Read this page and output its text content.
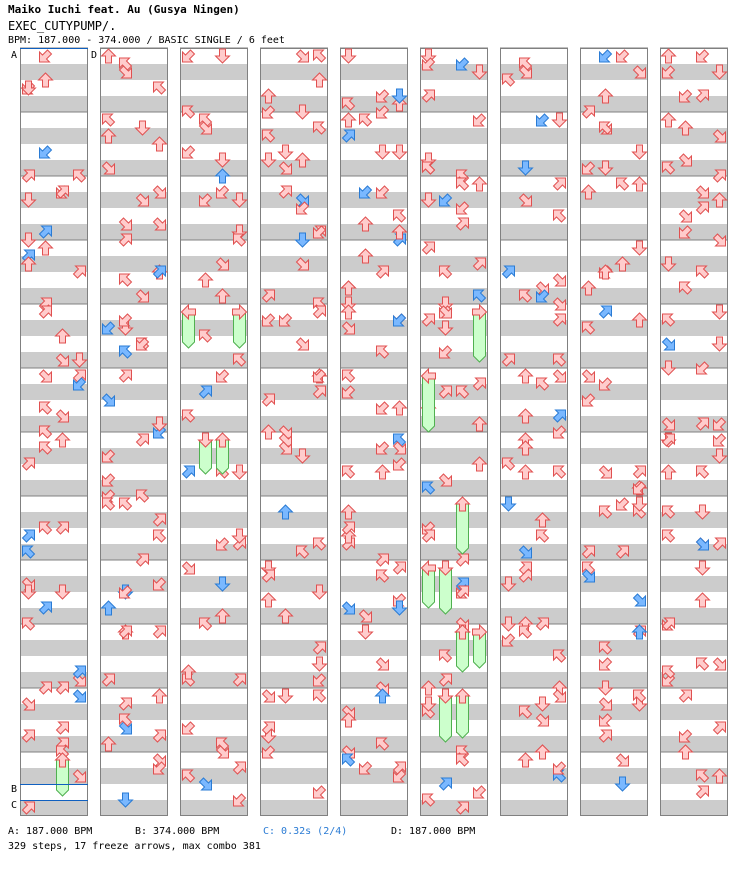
Maiko Iuchi feat. Au (Gusya Ningen)
EXEC_CUTYPUMP/.
BPM: 187.000 - 374.000 / BASIC SINGLE / 6 feet
A	D
B
C
A: 187.000 BPM	B: 374.000 BPM	C: 0.32s (2/4)	D: 187.000 BPM
329 steps, 17 freeze arrows, max combo 381
